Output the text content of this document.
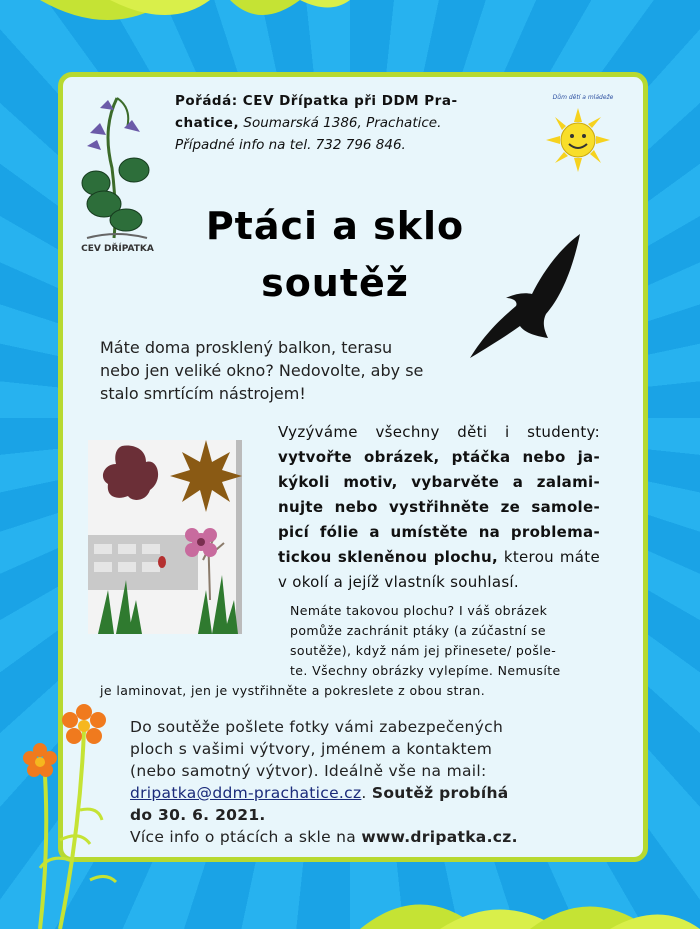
CEV DŘÍPATKA
Dům dětí a mládeže
Pořádá: CEV Dřípatka při DDM Pra-
chatice, Soumarská 1386, Prachatice.
Případné info na tel. 732 796 846.
Ptáci a sklo
soutěž
Máte doma prosklený balkon, terasu nebo jen veliké okno? Nedovolte, aby se stalo smrtícím nástrojem!
Vyzýváme všechny děti i studenty: vytvořte obrázek, ptáčka nebo ja-kýkoli motiv, vybarvěte a zalami-nujte nebo vystřihněte ze samole-picí fólie a umístěte na problema-tickou skleněnou plochu, kterou máte v okolí a jejíž vlastník souhlasí.
Nemáte takovou plochu? I váš obrázek
pomůže zachránit ptáky (a zúčastní se
soutěže), když nám jej přinesete/ pošle-
te. Všechny obrázky vylepíme. Nemusíte
je laminovat, jen je vystřihněte a pokreslete z obou stran.
Do soutěže pošlete fotky vámi zabezpečených ploch s vašimi výtvory, jménem a kontaktem (nebo samotný výtvor). Ideálně vše na mail: dripatka@ddm-prachatice.cz. Soutěž probíhá do 30. 6. 2021.
Více info o ptácích a skle na www.dripatka.cz.
